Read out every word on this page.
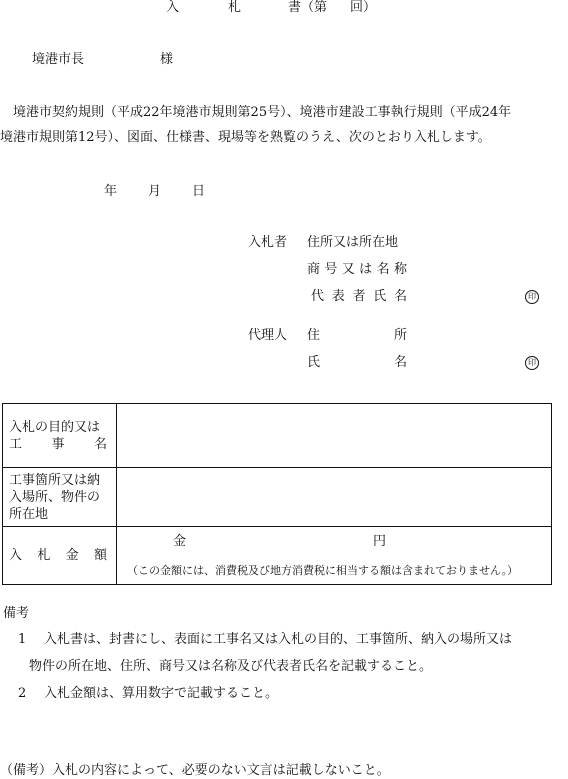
入	札	書 （第 回）
境港市長	様
境港市契約規則（平成22年境港市規則第25号）、境港市建設工事執行規則（平成24年
境港市規則第12号）、図面、仕様書、現場等を熟覧のうえ、次のとおり入札します。
年 月 日
入札者 住所又は所在地
商 号 又 は 名 称
代 表 者 氏 名	印
代理人 住	所
氏	名	印
入札の目的又は
工 事 名	

工事箇所又は納
入場所、物件の
所在地	

入 札 金 額	金 円
（この金額には、消費税及び地方消費税に相当する額は含まれておりません。）
備考
1 入札書は、封書にし、表面に工事名又は入札の目的、工事箇所、納入の場所又は
物件の所在地、住所、商号又は名称及び代表者氏名を記載すること。
2 入札金額は、算用数字で記載すること。
（備考）入札の内容によって、必要のない文言は記載しないこと。
